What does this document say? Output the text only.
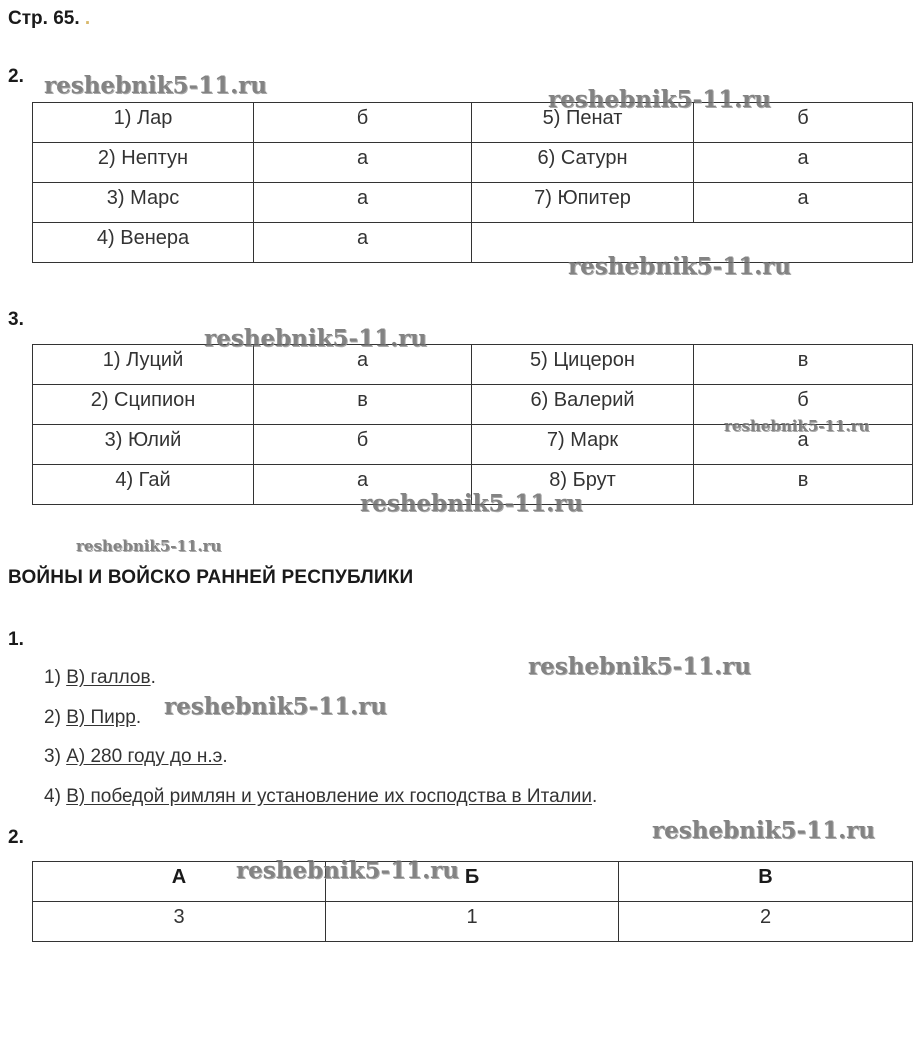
Стр. 65. .
2.
1) Лар	б	5) Пенат	б
2) Нептун	а	6) Сатурн	а
3) Марс	а	7) Юпитер	а
4) Венера	а		
3.
1) Луций	а	5) Цицерон	в
2) Сципион	в	6) Валерий	б
3) Юлий	б	7) Марк	а
4) Гай	а	8) Брут	в
ВОЙНЫ И ВОЙСКО РАННЕЙ РЕСПУБЛИКИ
1.
1) В) галлов.
2) В) Пирр.
3) А) 280 году до н.э.
4) В) победой римлян и установление их господства в Италии.
2.
А	Б	В
3	1	2
reshebnik5-11.ru
reshebnik5-11.ru
reshebnik5-11.ru
reshebnik5-11.ru
reshebnik5-11.ru
reshebnik5-11.ru
reshebnik5-11.ru
reshebnik5-11.ru
reshebnik5-11.ru
reshebnik5-11.ru
reshebnik5-11.ru
